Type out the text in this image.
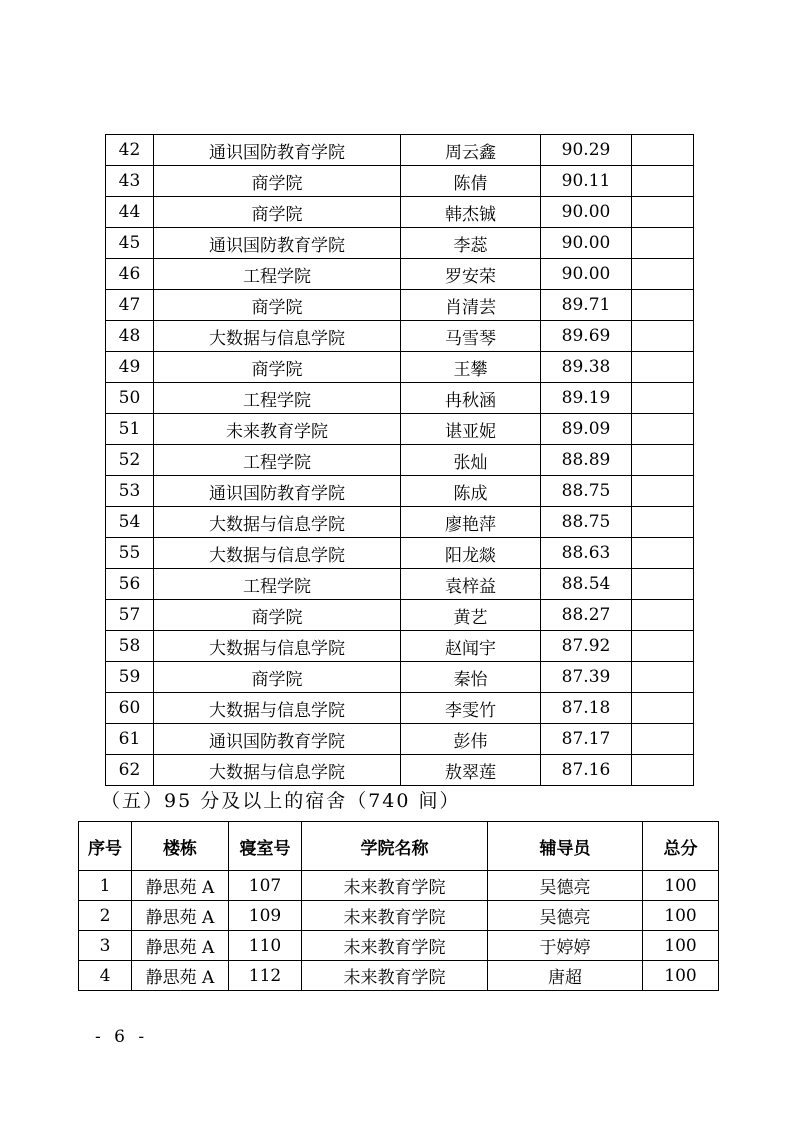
42	通识国防教育学院	周云鑫	90.29	
43	商学院	陈倩	90.11	
44	商学院	韩杰铖	90.00	
45	通识国防教育学院	李蕊	90.00	
46	工程学院	罗安荣	90.00	
47	商学院	肖清芸	89.71	
48	大数据与信息学院	马雪琴	89.69	
49	商学院	王攀	89.38	
50	工程学院	冉秋涵	89.19	
51	未来教育学院	谌亚妮	89.09	
52	工程学院	张灿	88.89	
53	通识国防教育学院	陈成	88.75	
54	大数据与信息学院	廖艳萍	88.75	
55	大数据与信息学院	阳龙燚	88.63	
56	工程学院	袁梓益	88.54	
57	商学院	黄艺	88.27	
58	大数据与信息学院	赵闻宇	87.92	
59	商学院	秦怡	87.39	
60	大数据与信息学院	李雯竹	87.18	
61	通识国防教育学院	彭伟	87.17	
62	大数据与信息学院	敖翠莲	87.16	
（五）95 分及以上的宿舍（740 间）
序号	楼栋	寝室号	学院名称	辅导员	总分
1	静思苑 A	107	未来教育学院	吴德亮	100
2	静思苑 A	109	未来教育学院	吴德亮	100
3	静思苑 A	110	未来教育学院	于婷婷	100
4	静思苑 A	112	未来教育学院	唐超	100
- 6 -
